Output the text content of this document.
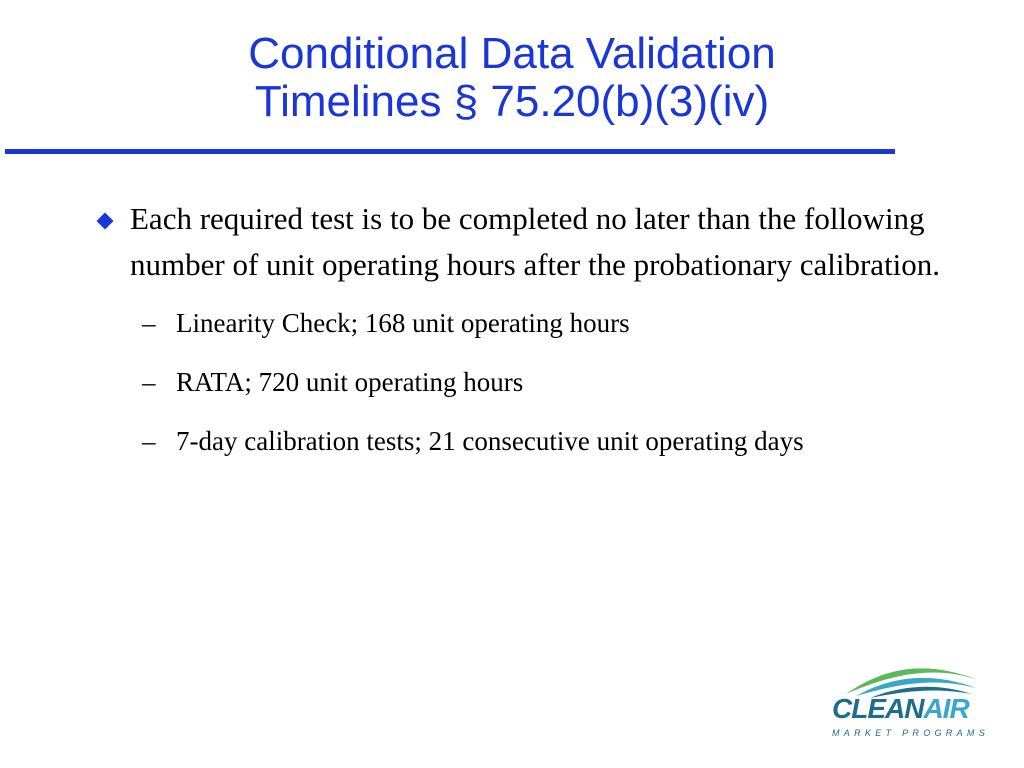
Conditional Data Validation
Timelines § 75.20(b)(3)(iv)
Each required test is to be completed no later than the following number of unit operating hours after the probationary calibration.
– Linearity Check; 168 unit operating hours
– RATA; 720 unit operating hours
– 7-day calibration tests; 21 consecutive unit operating days
CLEANAIR
MARKET PROGRAMS
